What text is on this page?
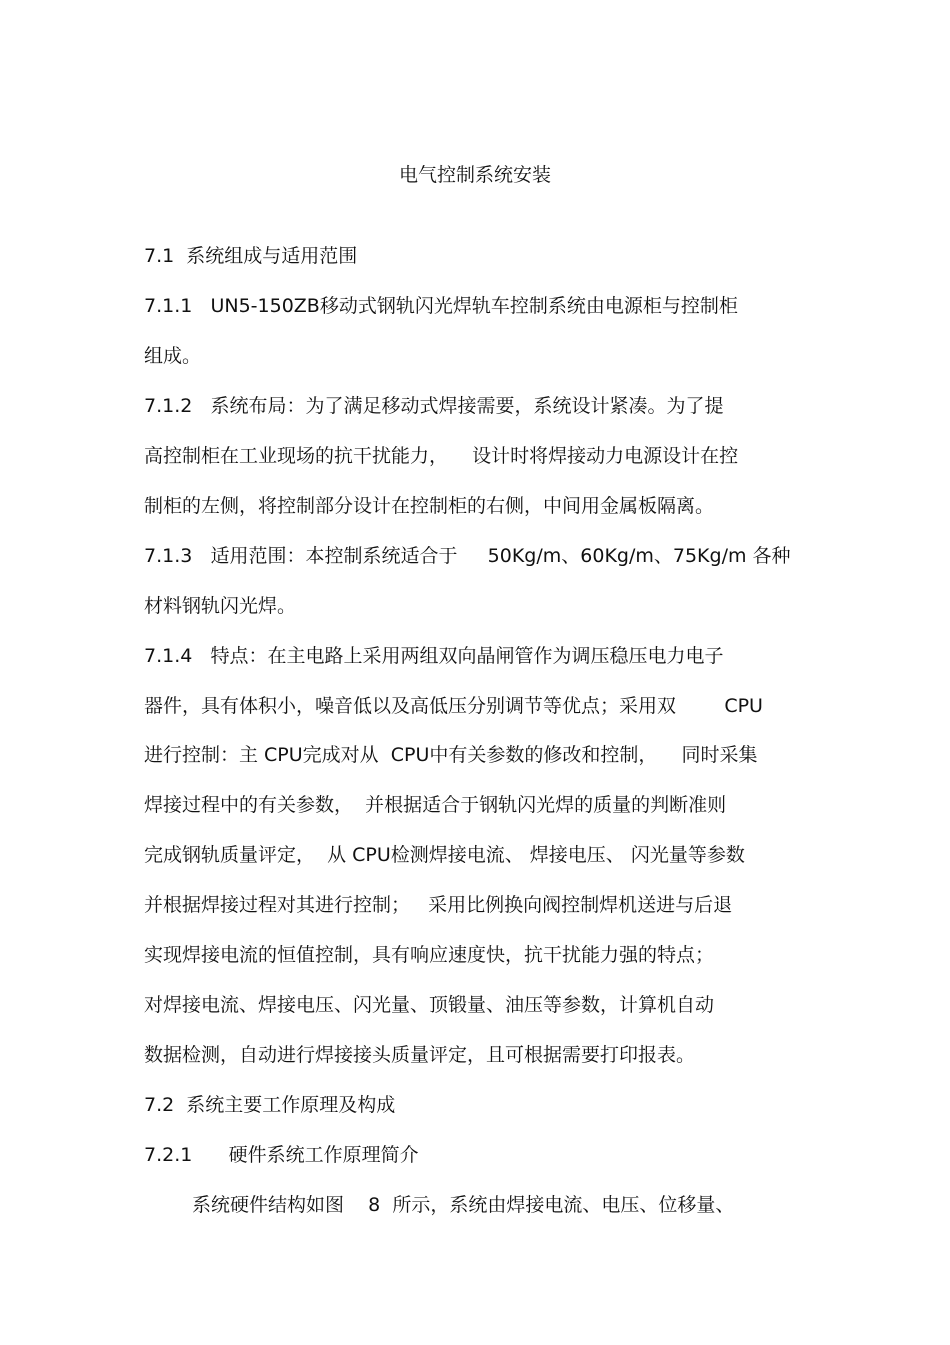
电气控制系统安装
7.1  系统组成与适用范围
7.1.1   UN5-150ZB移动式钢轨闪光焊轨车控制系统由电源柜与控制柜
组成。
7.1.2   系统布局：为了满足移动式焊接需要，系统设计紧凑。为了提
高控制柜在工业现场的抗干扰能力，    设计时将焊接动力电源设计在控
制柜的左侧，将控制部分设计在控制柜的右侧，中间用金属板隔离。
7.1.3   适用范围：本控制系统适合于     50Kg/m、60Kg/m、75Kg/m 各种
材料钢轨闪光焊。
7.1.4   特点：在主电路上采用两组双向晶闸管作为调压稳压电力电子
器件，具有体积小，噪音低以及高低压分别调节等优点；采用双        CPU
进行控制：主 CPU完成对从  CPU中有关参数的修改和控制，    同时采集
焊接过程中的有关参数，  并根据适合于钢轨闪光焊的质量的判断准则
完成钢轨质量评定，  从 CPU检测焊接电流、 焊接电压、 闪光量等参数
并根据焊接过程对其进行控制；   采用比例换向阀控制焊机送进与后退
实现焊接电流的恒值控制，具有响应速度快，抗干扰能力强的特点；
对焊接电流、焊接电压、闪光量、顶锻量、油压等参数，计算机自动
数据检测，自动进行焊接接头质量评定，且可根据需要打印报表。
7.2  系统主要工作原理及构成
7.2.1      硬件系统工作原理简介
系统硬件结构如图    8  所示，系统由焊接电流、电压、位移量、
